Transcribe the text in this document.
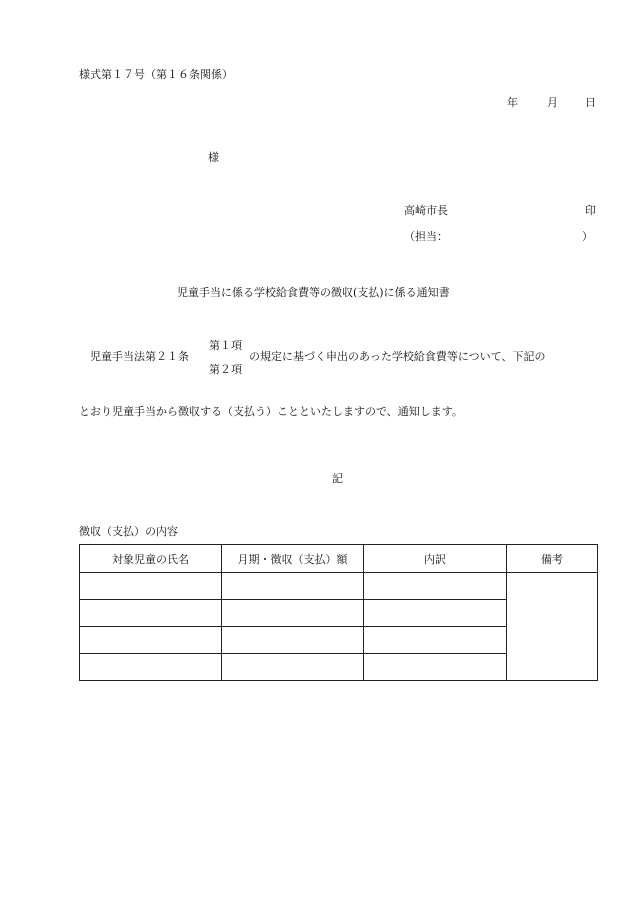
様式第１７号（第１６条関係）
年	月 日
様
高崎市長	印
（担当：	）
児童手当に係る学校給食費等の徴収(支払)に係る通知書
第１項
児童手当法第２１条	の規定に基づく申出のあった学校給食費等について、下記の
第２項
とおり児童手当から徴収する（支払う）ことといたしますので、通知します。
記
徴収（支払）の内容
対象児童の氏名	月期・徴収（支払）額	内訳	備考
